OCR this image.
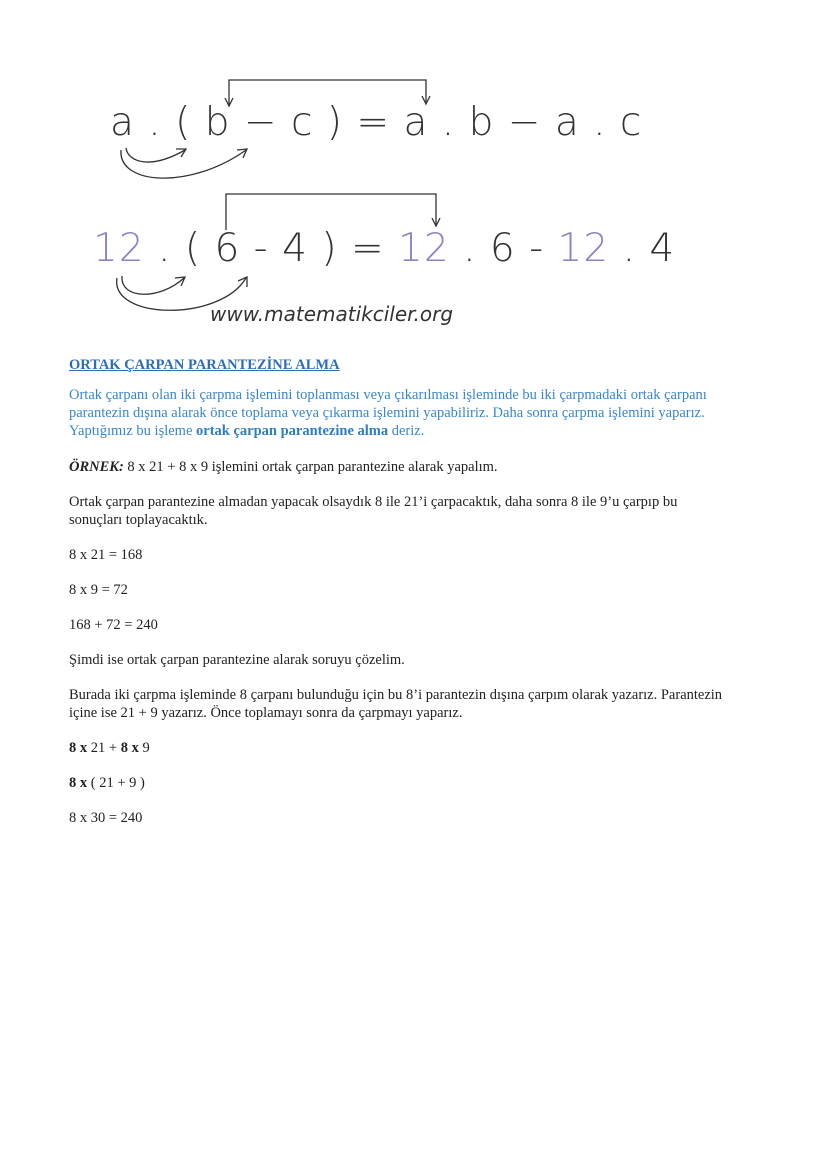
a . ( b − c ) = a . b − a . c
12 . ( 6 - 4 ) = 12 . 6 - 12 . 4
www.matematikciler.org
ORTAK ÇARPAN PARANTEZİNE ALMA

Ortak çarpanı olan iki çarpma işlemini toplanması veya çıkarılması işleminde bu iki çarpmadaki ortak çarpanı parantezin dışına alarak önce toplama veya çıkarma işlemini yapabiliriz. Daha sonra çarpma işlemini yaparız. Yaptığımız bu işleme ortak çarpan parantezine alma deriz.

ÖRNEK: 8 x 21 + 8 x 9 işlemini ortak çarpan parantezine alarak yapalım.

Ortak çarpan parantezine almadan yapacak olsaydık 8 ile 21’i çarpacaktık, daha sonra 8 ile 9’u çarpıp bu sonuçları toplayacaktık.

8 x 21 = 168
8 x 9 = 72
168 + 72 = 240

Şimdi ise ortak çarpan parantezine alarak soruyu çözelim.

Burada iki çarpma işleminde 8 çarpanı bulunduğu için bu 8’i parantezin dışına çarpım olarak yazarız. Parantezin içine ise 21 + 9 yazarız. Önce toplamayı sonra da çarpmayı yaparız.

8 x 21 + 8 x 9
8 x ( 21 + 9 )
8 x 30 = 240
